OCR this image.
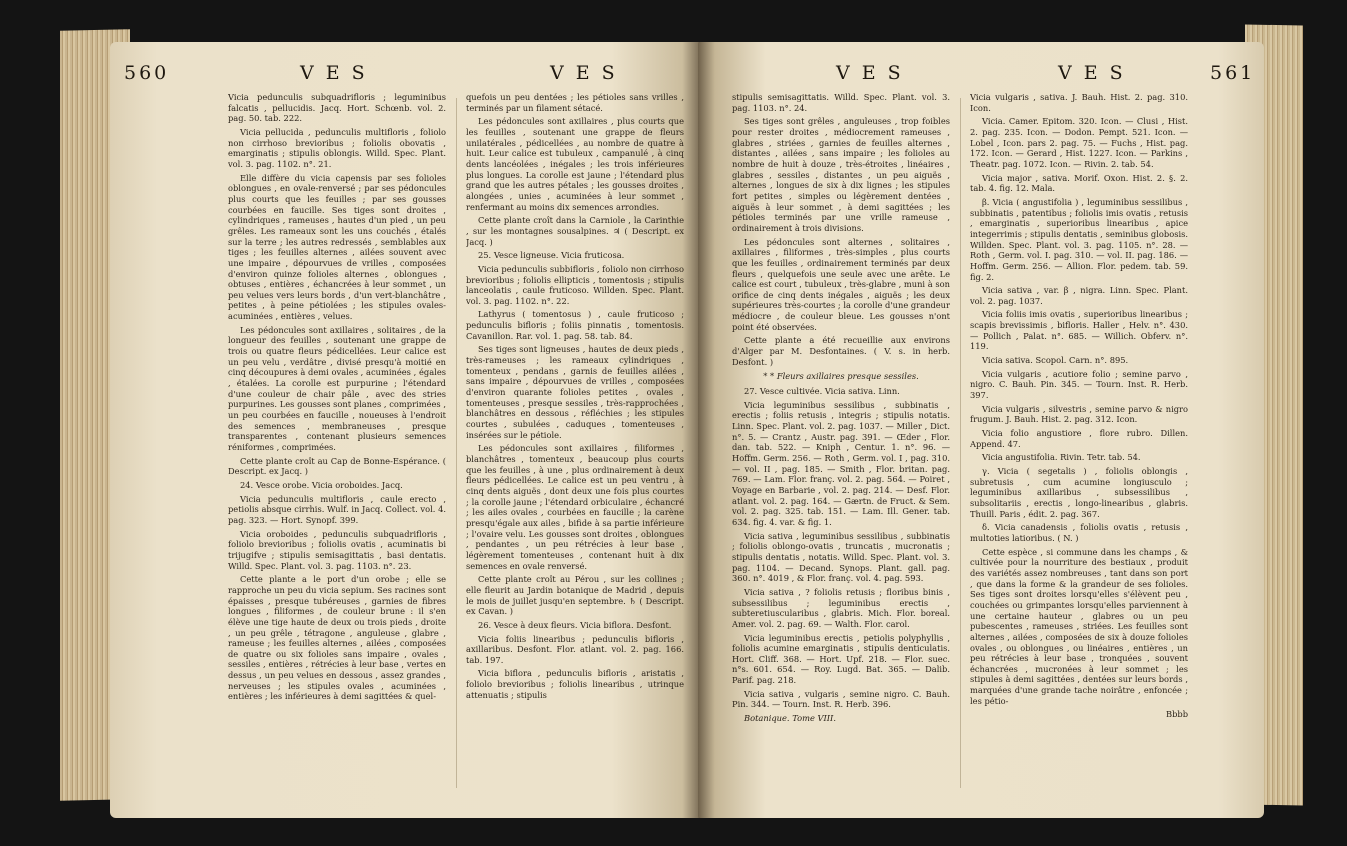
560	V E S	V E S

Vicia pedunculis subquadrifloris ; leguminibus falcatis , pellucidis. Jacq. Hort. Schœnb. vol. 2. pag. 50. tab. 222.

Vicia pellucida , pedunculis multifloris , foliolo non cirrhoso brevioribus ; foliolis obovatis , emarginatis ; stipulis oblongis. Willd. Spec. Plant. vol. 3. pag. 1102. n°. 21.

Elle diffère du vicia capensis par ses folioles oblongues , en ovale-renversé ; par ses pédoncules plus courts que les feuilles ; par ses gousses courbées en faucille. Ses tiges sont droites , cylindriques , rameuses , hautes d'un pied , un peu grêles. Les rameaux sont les uns couchés , étalés sur la terre ; les autres redressés , semblables aux tiges ; les feuilles alternes , ailées souvent avec une impaire , dépourvues de vrilles , composées d'environ quinze folioles alternes , oblongues , obtuses , entières , échancrées à leur sommet , un peu velues vers leurs bords , d'un vert-blanchâtre , petites , à peine pétiolées ; les stipules ovales-acuminées , entières , velues.

Les pédoncules sont axillaires , solitaires , de la longueur des feuilles , soutenant une grappe de trois ou quatre fleurs pédicellées. Leur calice est un peu velu , verdâtre , divisé presqu'à moitié en cinq découpures à demi ovales , acuminées , égales , étalées. La corolle est purpurine ; l'étendard d'une couleur de chair pâle , avec des stries purpurines. Les gousses sont planes , comprimées , un peu courbées en faucille , noueuses à l'endroit des semences , membraneuses , presque transparentes , contenant plusieurs semences réniformes , comprimées.

Cette plante croît au Cap de Bonne-Espérance. ( Descript. ex Jacq. )

24. Vesce orobe. Vicia oroboides. Jacq.

Vicia pedunculis multifloris , caule erecto , petiolis absque cirrhis. Wulf. in Jacq. Collect. vol. 4. pag. 323. — Hort. Synopf. 399.

Vicia oroboides , pedunculis subquadrifloris , foliolo brevioribus ; foliolis ovatis , acuminatis bi trijugifve ; stipulis semisagittatis , basi dentatis. Willd. Spec. Plant. vol. 3. pag. 1103. n°. 23.

Cette plante a le port d'un orobe ; elle se rapproche un peu du vicia sepium. Ses racines sont épaisses , presque tubéreuses , garnies de fibres longues , filiformes , de couleur brune : il s'en élève une tige haute de deux ou trois pieds , droite , un peu grêle , tétragone , anguleuse , glabre , rameuse ; les feuilles alternes , ailées , composées de quatre ou six folioles sans impaire , ovales , sessiles , entières , rétrécies à leur base , vertes en dessus , un peu velues en dessous , assez grandes , nerveuses ; les stipules ovales , acuminées , entières ; les inférieures à demi sagittées & quel-

quefois un peu dentées ; les pétioles sans vrilles , terminés par un filament sétacé.

Les pédoncules sont axillaires , plus courts que les feuilles , soutenant une grappe de fleurs unilatérales , pédicellées , au nombre de quatre à huit. Leur calice est tubuleux , campanulé , à cinq dents lancéolées , inégales ; les trois inférieures plus longues. La corolle est jaune ; l'étendard plus grand que les autres pétales ; les gousses droites , alongées , unies , acuminées à leur sommet , renfermant au moins dix semences arrondies.

Cette plante croît dans la Carniole , la Carinthie , sur les montagnes sousalpines. ♃ ( Descript. ex Jacq. )

25. Vesce ligneuse. Vicia fruticosa.

Vicia pedunculis subbifloris , foliolo non cirrhoso brevioribus ; foliolis ellipticis , tomentosis ; stipulis lanceolatis , caule fruticoso. Willden. Spec. Plant. vol. 3. pag. 1102. n°. 22.

Lathyrus ( tomentosus ) , caule fruticoso ; pedunculis bifloris ; foliis pinnatis , tomentosis. Cavanillon. Rar. vol. 1. pag. 58. tab. 84.

Ses tiges sont ligneuses , hautes de deux pieds , très-rameuses ; les rameaux cylindriques , tomenteux , pendans , garnis de feuilles ailées , sans impaire , dépourvues de vrilles , composées d'environ quarante folioles petites , ovales , tomenteuses , presque sessiles , très-rapprochées , blanchâtres en dessous , réfléchies ; les stipules courtes , subulées , caduques , tomenteuses , insérées sur le pétiole.

Les pédoncules sont axillaires , filiformes , blanchâtres , tomenteux , beaucoup plus courts que les feuilles , à une , plus ordinairement à deux fleurs pédicellées. Le calice est un peu ventru , à cinq dents aiguës , dont deux une fois plus courtes ; la corolle jaune ; l'étendard orbiculaire , échancré ; les ailes ovales , courbées en faucille ; la carène presqu'égale aux ailes , bifide à sa partie inférieure ; l'ovaire velu. Les gousses sont droites , oblongues , pendantes , un peu rétrécies à leur base , légèrement tomenteuses , contenant huit à dix semences en ovale renversé.

Cette plante croît au Pérou , sur les collines ; elle fleurit au Jardin botanique de Madrid , depuis le mois de juillet jusqu'en septembre. ♄ ( Descript. ex Cavan. )

26. Vesce à deux fleurs. Vicia biflora. Desfont.

Vicia foliis linearibus ; pedunculis bifloris , axillaribus. Desfont. Flor. atlant. vol. 2. pag. 166. tab. 197.

Vicia biflora , pedunculis bifloris , aristatis , foliolo brevioribus ; foliolis linearibus , utrinque attenuatis ; stipulis

V E S	V E S	561

stipulis semisagittatis. Willd. Spec. Plant. vol. 3. pag. 1103. n°. 24.

Ses tiges sont grêles , anguleuses , trop foibles pour rester droites , médiocrement rameuses , glabres , striées , garnies de feuilles alternes , distantes , ailées , sans impaire ; les folioles au nombre de huit à douze , très-étroites , linéaires , glabres , sessiles , distantes , un peu aiguës , alternes , longues de six à dix lignes ; les stipules fort petites , simples ou légèrement dentées , aiguës à leur sommet , à demi sagittées ; les pétioles terminés par une vrille rameuse , ordinairement à trois divisions.

Les pédoncules sont alternes , solitaires , axillaires , filiformes , très-simples , plus courts que les feuilles , ordinairement terminés par deux fleurs , quelquefois une seule avec une arête. Le calice est court , tubuleux , très-glabre , muni à son orifice de cinq dents inégales , aiguës ; les deux supérieures très-courtes ; la corolle d'une grandeur médiocre , de couleur bleue. Les gousses n'ont point été observées.

Cette plante a été recueillie aux environs d'Alger par M. Desfontaines. ( V. s. in herb. Desfont. )

* * Fleurs axillaires presque sessiles.

27. Vesce cultivée. Vicia sativa. Linn.

Vicia leguminibus sessilibus , subbinatis , erectis ; foliis retusis , integris ; stipulis notatis. Linn. Spec. Plant. vol. 2. pag. 1037. — Miller , Dict. n°. 5. — Crantz , Austr. pag. 391. — Œder , Flor. dan. tab. 522. — Kniph , Centur. 1. n°. 96. — Hoffm. Germ. 256. — Roth , Germ. vol. I , pag. 310. — vol. II , pag. 185. — Smith , Flor. britan. pag. 769. — Lam. Flor. franç. vol. 2. pag. 564. — Poiret , Voyage en Barbarie , vol. 2. pag. 214. — Desf. Flor. atlant. vol. 2. pag. 164. — Gærtn. de Fruct. & Sem. vol. 2. pag. 325. tab. 151. — Lam. Ill. Gener. tab. 634. fig. 4. var. & fig. 1.

Vicia sativa , leguminibus sessilibus , subbinatis ; foliolis oblongo-ovatis , truncatis , mucronatis ; stipulis dentatis , notatis. Willd. Spec. Plant. vol. 3. pag. 1104. — Decand. Synops. Plant. gall. pag. 360. n°. 4019 , & Flor. franç. vol. 4. pag. 593.

Vicia sativa , ? foliolis retusis ; floribus binis , subsessilibus ; leguminibus erectis , subteretiuscularibus , glabris. Mich. Flor. boreal. Amer. vol. 2. pag. 69. — Walth. Flor. carol.

Vicia leguminibus erectis , petiolis polyphyllis , foliolis acumine emarginatis , stipulis denticulatis. Hort. Cliff. 368. — Hort. Upf. 218. — Flor. suec. n°s. 601. 654. — Roy. Lugd. Bat. 365. — Dalib. Parif. pag. 218.

Vicia sativa , vulgaris , semine nigro. C. Bauh. Pin. 344. — Tourn. Inst. R. Herb. 396.

Botanique. Tome VIII.

Vicia vulgaris , sativa. J. Bauh. Hist. 2. pag. 310. Icon.

Vicia. Camer. Epitom. 320. Icon. — Clusi , Hist. 2. pag. 235. Icon. — Dodon. Pempt. 521. Icon. — Lobel , Icon. pars 2. pag. 75. — Fuchs , Hist. pag. 172. Icon. — Gerard , Hist. 1227. Icon. — Parkins , Theatr. pag. 1072. Icon. — Rivin. 2. tab. 54.

Vicia major , sativa. Morif. Oxon. Hist. 2. §. 2. tab. 4. fig. 12. Mala.

β. Vicia ( angustifolia ) , leguminibus sessilibus , subbinatis , patentibus ; foliolis imis ovatis , retusis , emarginatis , superioribus linearibus , apice integerrimis ; stipulis dentatis , seminibus globosis. Willden. Spec. Plant. vol. 3. pag. 1105. n°. 28. — Roth , Germ. vol. I. pag. 310. — vol. II. pag. 186. — Hoffm. Germ. 256. — Allion. Flor. pedem. tab. 59. fig. 2.

Vicia sativa , var. β , nigra. Linn. Spec. Plant. vol. 2. pag. 1037.

Vicia foliis imis ovatis , superioribus linearibus ; scapis brevissimis , bifloris. Haller , Helv. n°. 430. — Pollich , Palat. n°. 685. — Willich. Obferv. n°. 119.

Vicia sativa. Scopol. Carn. n°. 895.

Vicia vulgaris , acutiore folio ; semine parvo , nigro. C. Bauh. Pin. 345. — Tourn. Inst. R. Herb. 397.

Vicia vulgaris , silvestris , semine parvo & nigro frugum. J. Bauh. Hist. 2. pag. 312. Icon.

Vicia folio angustiore , flore rubro. Dillen. Append. 47.

Vicia angustifolia. Rivin. Tetr. tab. 54.

γ. Vicia ( segetalis ) , foliolis oblongis , subretusis , cum acumine longiusculo ; leguminibus axillaribus , subsessilibus , subsolitariis , erectis , longo-linearibus , glabris. Thuill. Paris , édit. 2. pag. 367.

δ. Vicia canadensis , foliolis ovatis , retusis , multoties latioribus. ( N. )

Cette espèce , si commune dans les champs , & cultivée pour la nourriture des bestiaux , produit des variétés assez nombreuses , tant dans son port , que dans la forme & la grandeur de ses folioles. Ses tiges sont droites lorsqu'elles s'élèvent peu , couchées ou grimpantes lorsqu'elles parviennent à une certaine hauteur , glabres ou un peu pubescentes , rameuses , striées. Les feuilles sont alternes , ailées , composées de six à douze folioles ovales , ou oblongues , ou linéaires , entières , un peu rétrécies à leur base , tronquées , souvent échancrées , mucronées à leur sommet ; les stipules à demi sagittées , dentées sur leurs bords , marquées d'une grande tache noirâtre , enfoncée ; les pétio-

Bbbb
